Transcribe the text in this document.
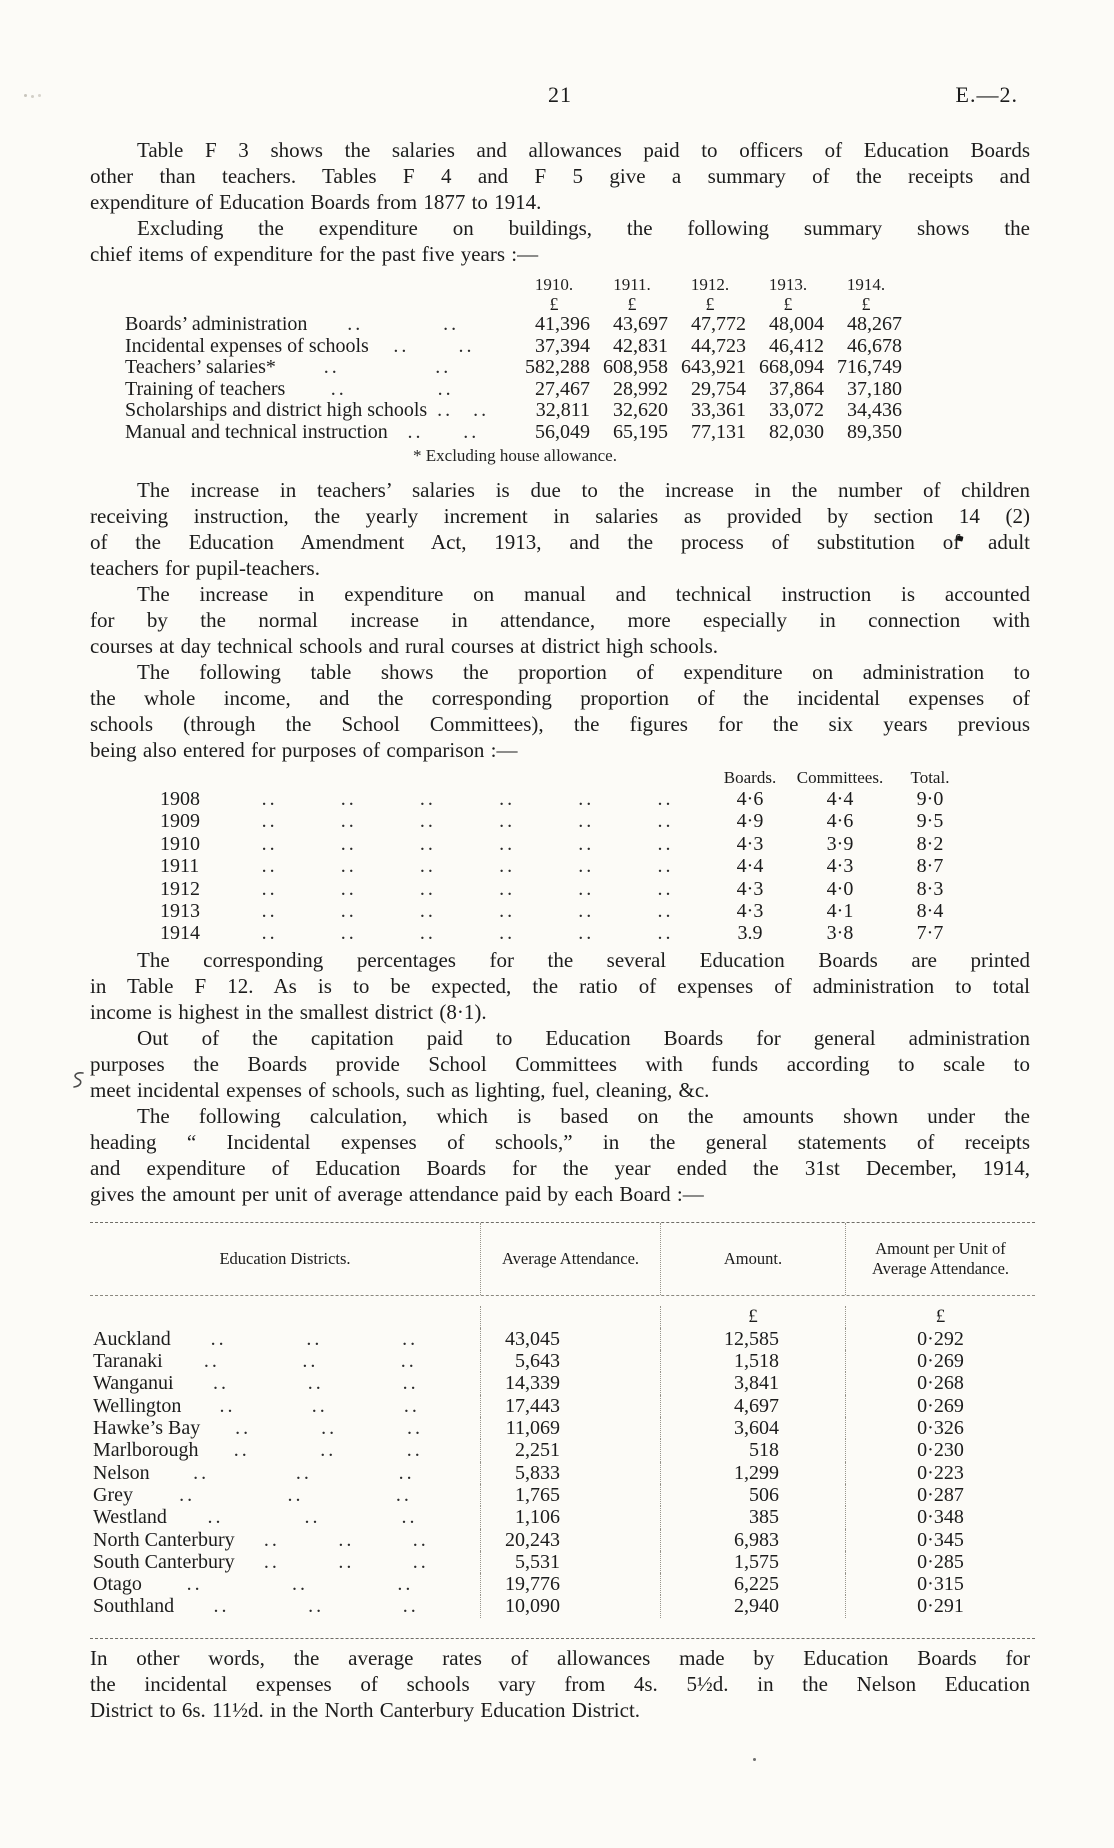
21	E.—2.

Table F 3 shows the salaries and allowances paid to officers of Education Boards
other than teachers. Tables F 4 and F 5 give a summary of the receipts and
expenditure of Education Boards from 1877 to 1914.

Excluding the expenditure on buildings, the following summary shows the
chief items of expenditure for the past five years :—

1910.	1911.	1912.	1913.	1914.
£	£	£	£	£
Boards’ administration	..	..	41,396	43,697	47,772	48,004	48,267
Incidental expenses of schools	..	..	37,394	42,831	44,723	46,412	46,678
Teachers’ salaries*	..	..	582,288 608,958 643,921 668,094 716,749
Training of teachers	..	..	27,467	28,992	29,754	37,864	37,180
Scholarships and district high schools .. ..	32,811	32,620	33,361	33,072	34,436
Manual and technical instruction ..	..	56,049	65,195	77,131	82,030	89,350
* Excluding house allowance.

The increase in teachers’ salaries is due to the increase in the number of children
receiving instruction, the yearly increment in salaries as provided by section 14 (2)
of the Education Amendment Act, 1913, and the process of substitution of adult
teachers for pupil-teachers.

The increase in expenditure on manual and technical instruction is accounted
for by the normal increase in attendance, more especially in connection with
courses at day technical schools and rural courses at district high schools.

The following table shows the proportion of expenditure on administration to
the whole income, and the corresponding proportion of the incidental expenses of
schools (through the School Committees), the figures for the six years previous
being also entered for purposes of comparison :—

Boards.	Committees.	Total.
1908	..	..	..	..	..	..	4·6	4·4	9·0
1909	..	..	..	..	..	..	4·9	4·6	9·5
1910	..	..	..	..	..	..	4·3	3·9	8·2
1911	..	..	..	..	..	..	4·4	4·3	8·7
1912	..	..	..	..	..	..	4·3	4·0	8·3
1913	..	..	..	..	..	..	4·3	4·1	8·4
1914	..	..	..	..	..	..	3.9	3·8	7·7

The corresponding percentages for the several Education Boards are printed
in Table F 12. As is to be expected, the ratio of expenses of administration to total
income is highest in the smallest district (8·1).

Out of the capitation paid to Education Boards for general administration
purposes the Boards provide School Committees with funds according to scale to
meet incidental expenses of schools, such as lighting, fuel, cleaning, &c.

The following calculation, which is based on the amounts shown under the
heading “ Incidental expenses of schools,” in the general statements of receipts
and expenditure of Education Boards for the year ended the 31st December, 1914,
gives the amount per unit of average attendance paid by each Board :—

Education Districts.	Average Attendance.	Amount.
Amount per Unit of
Average Attendance.
£	£
Auckland	..	..	..	43,045	12,585	0·292
Taranaki	..	..	..	5,643	1,518	0·269
Wanganui	..	..	..	14,339	3,841	0·268
Wellington	..	..	..	17,443	4,697	0·269
Hawke’s Bay	..	..	..	11,069	3,604	0·326
Marlborough	..	..	..	2,251	518	0·230
Nelson	..	..	..	5,833	1,299	0·223
Grey	..	..	..	1,765	506	0·287
Westland	..	..	..	1,106	385	0·348
North Canterbury	..	..	..	20,243	6,983	0·345
South Canterbury	..	..	..	5,531	1,575	0·285
Otago	..	..	..	19,776	6,225	0·315
Southland	..	..	..	10,090	2,940	0·291

In other words, the average rates of allowances made by Education Boards for
the incidental expenses of schools vary from 4s. 5½d. in the Nelson Education
District to 6s. 11½d. in the North Canterbury Education District.
